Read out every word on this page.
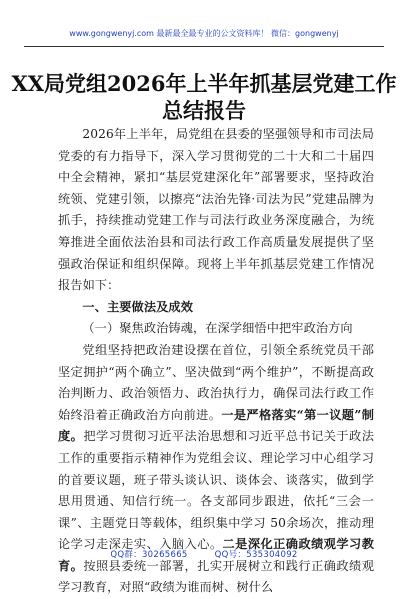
www.gongwenyj.com 最新最全最专业的公文资料库！ 微信：gongwenyj
XX局党组2026年上半年抓基层党建工作
总结报告

2026年上半年，局党组在县委的坚强领导和市司法局党委的有力指导下，深入学习贯彻党的二十大和二十届四中全会精神，紧扣“基层党建深化年”部署要求，坚持政治统领、党建引领，以擦亮“法治先锋·司法为民”党建品牌为抓手，持续推动党建工作与司法行政业务深度融合，为统筹推进全面依法治县和司法行政工作高质量发展提供了坚强政治保证和组织保障。现将上半年抓基层党建工作情况报告如下：

一、主要做法及成效

（一）聚焦政治铸魂，在深学细悟中把牢政治方向

党组坚持把政治建设摆在首位，引领全系统党员干部坚定拥护“两个确立”、坚决做到“两个维护”，不断提高政治判断力、政治领悟力、政治执行力，确保司法行政工作始终沿着正确政治方向前进。一是严格落实“第一议题”制度。把学习贯彻习近平法治思想和习近平总书记关于政法工作的重要指示精神作为党组会议、理论学习中心组学习的首要议题，班子带头谈认识、谈体会、谈落实，做到学思用贯通、知信行统一。各支部同步跟进，依托“三会一课”、主题党日等载体，组织集中学习 50余场次，推动理论学习走深走实、入脑入心。二是深化正确政绩观学习教育。按照县委统一部署，扎实开展树立和践行正确政绩观学习教育，对照“政绩为谁而树、树什么

QQ群：30265665	QQ号：535304092
